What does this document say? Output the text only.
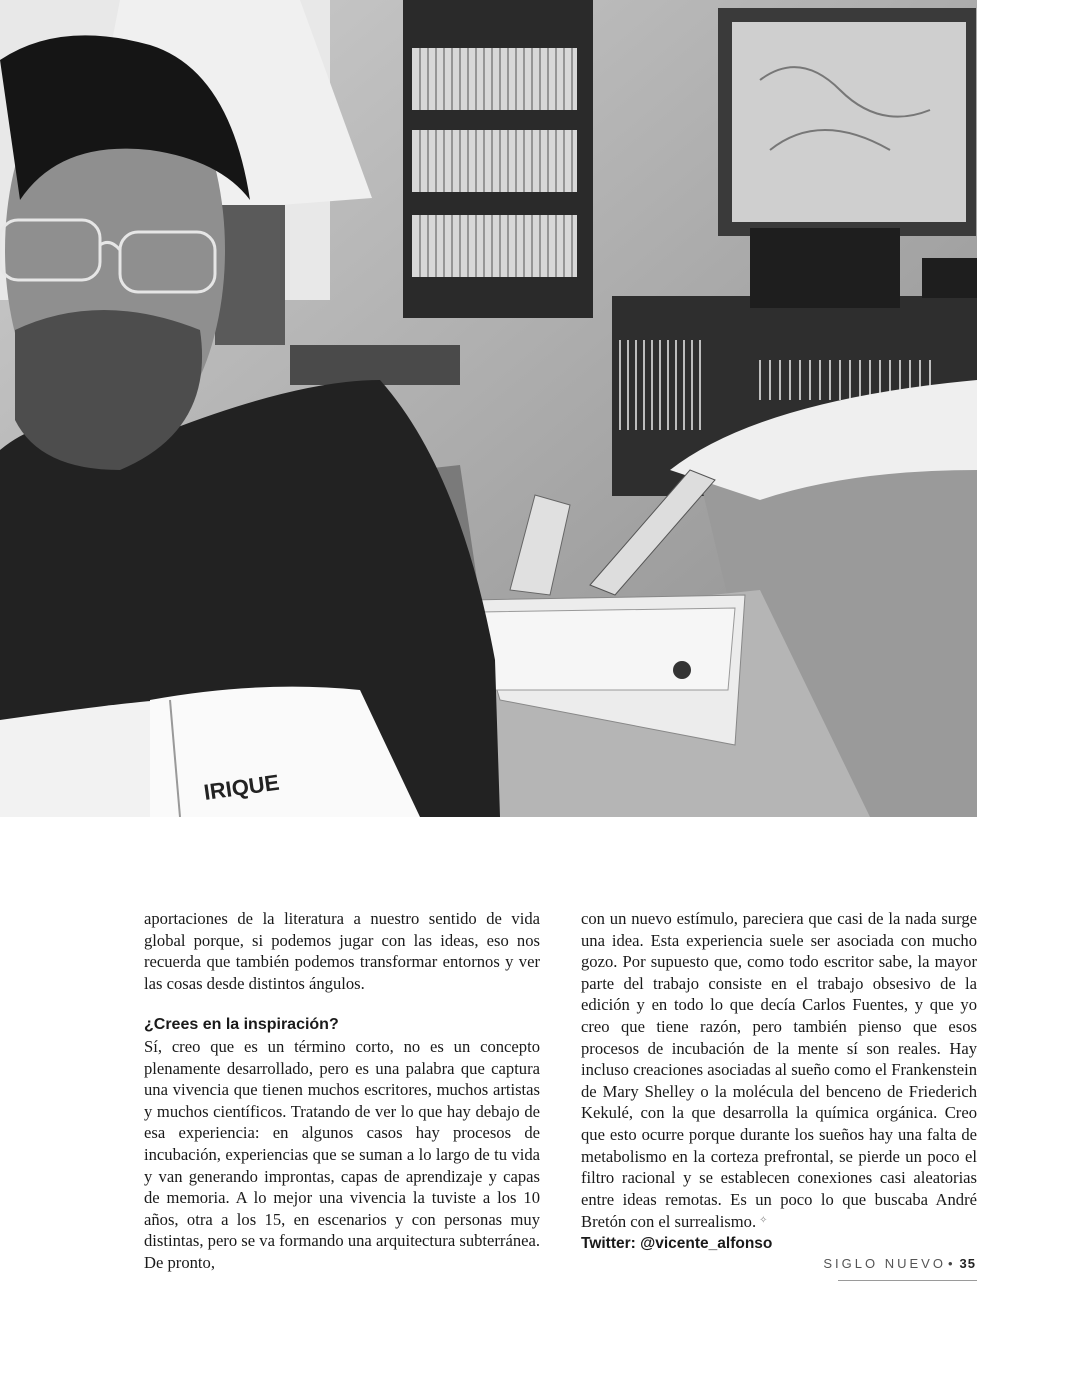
IRIQUE

aportaciones de la literatura a nuestro sentido de vida global porque, si podemos jugar con las ideas, eso nos recuerda que también podemos transformar entornos y ver las cosas desde distintos ángulos.

¿Crees en la inspiración?

Sí, creo que es un término corto, no es un concepto plenamente desarrollado, pero es una palabra que captura una vivencia que tienen muchos escritores, muchos artistas y muchos científicos. Tratando de ver lo que hay debajo de esa experiencia: en algunos casos hay procesos de incubación, experiencias que se suman a lo largo de tu vida y van generando improntas, capas de aprendizaje y capas de memoria. A lo mejor una vivencia la tuviste a los 10 años, otra a los 15, en escenarios y con personas muy distintas, pero se va formando una arquitectura subterránea. De pronto,

con un nuevo estímulo, pareciera que casi de la nada surge una idea. Esta experiencia suele ser asociada con mucho gozo. Por supuesto que, como todo escritor sabe, la mayor parte del trabajo consiste en el trabajo obsesivo de la edición y en todo lo que decía Carlos Fuentes, y que yo creo que tiene razón, pero también pienso que esos procesos de incubación de la mente sí son reales. Hay incluso creaciones asociadas al sueño como el Frankenstein de Mary Shelley o la molécula del benceno de Friederich Kekulé, con la que desarrolla la química orgánica. Creo que esto ocurre porque durante los sueños hay una falta de metabolismo en la corteza prefrontal, se pierde un poco el filtro racional y se establecen conexiones casi aleatorias entre ideas remotas. Es un poco lo que buscaba André Bretón con el surrealismo. ✧

Twitter: @vicente_alfonso

SIGLO NUEVO • 35
